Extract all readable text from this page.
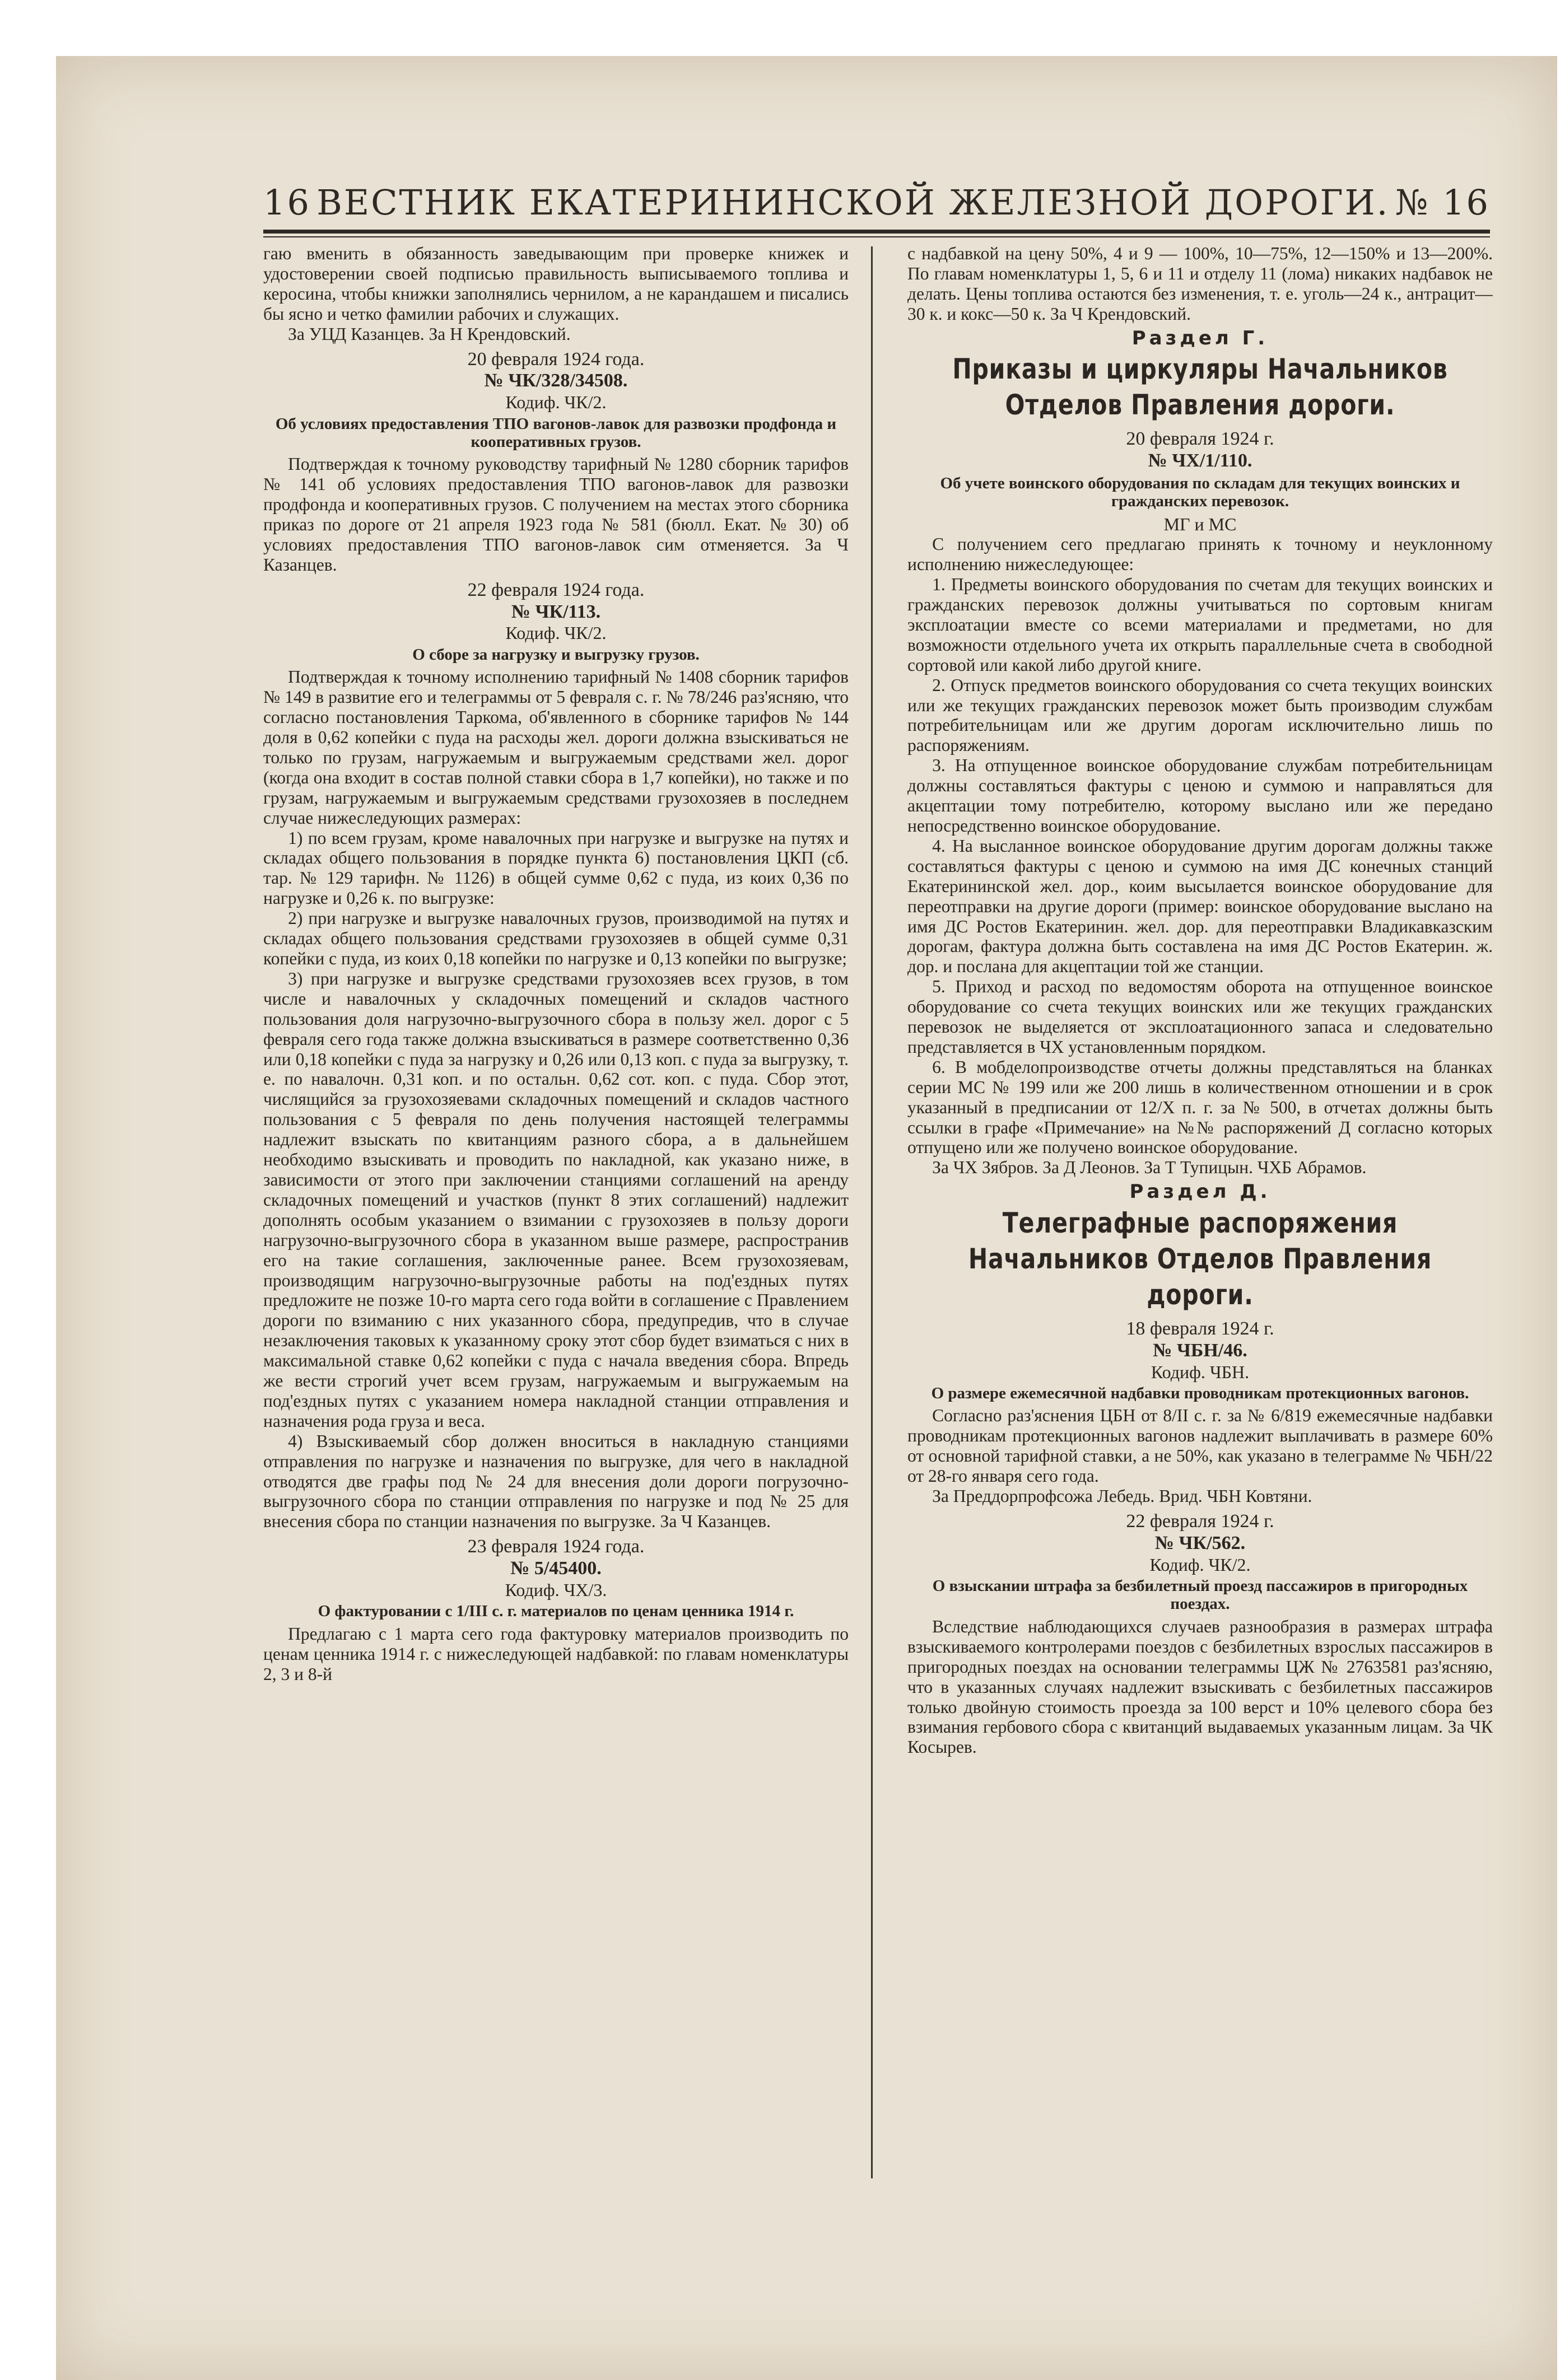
16 ВЕСТНИК ЕКАТЕРИНИНСКОЙ ЖЕЛЕЗНОЙ ДОРОГИ. № 16

гаю вменить в обязанность заведывающим при проверке книжек и удостоверении своей подписью правильность выписываемого топлива и керосина, чтобы книжки заполнялись чернилом, а не карандашем и писались бы ясно и четко фамилии рабочих и служащих.

За УЦД Казанцев. За Н Крендовский.

20 февраля 1924 года.

№ ЧК/328/34508.

Кодиф. ЧК/2.

Об условиях предоставления ТПО вагонов-лавок для развозки продфонда и кооперативных грузов.

Подтверждая к точному руководству тарифный № 1280 сборник тарифов № 141 об условиях предоставления ТПО вагонов-лавок для развозки продфонда и кооперативных грузов. С получением на местах этого сборника приказ по дороге от 21 апреля 1923 года № 581 (бюлл. Екат. № 30) об условиях предоставления ТПО вагонов-лавок сим отменяется. За Ч Казанцев.

22 февраля 1924 года.

№ ЧК/113.

Кодиф. ЧК/2.

О сборе за нагрузку и выгрузку грузов.

Подтверждая к точному исполнению тарифный № 1408 сборник тарифов № 149 в развитие его и телеграммы от 5 февраля с. г. № 78/246 раз'ясняю, что согласно постановления Таркома, об'явленного в сборнике тарифов № 144 доля в 0,62 копейки с пуда на расходы жел. дороги должна взыскиваться не только по грузам, нагружаемым и выгружаемым средствами жел. дорог (когда она входит в состав полной ставки сбора в 1,7 копейки), но также и по грузам, нагружаемым и выгружаемым средствами грузохозяев в последнем случае нижеследующих размерах:

1) по всем грузам, кроме навалочных при нагрузке и выгрузке на путях и складах общего пользования в порядке пункта 6) постановления ЦКП (сб. тар. № 129 тарифн. № 1126) в общей сумме 0,62 с пуда, из коих 0,36 по нагрузке и 0,26 к. по выгрузке:

2) при нагрузке и выгрузке навалочных грузов, производимой на путях и складах общего пользования средствами грузохозяев в общей сумме 0,31 копейки с пуда, из коих 0,18 копейки по нагрузке и 0,13 копейки по выгрузке;

3) при нагрузке и выгрузке средствами грузохозяев всех грузов, в том числе и навалочных у складочных помещений и складов частного пользования доля нагрузочно-выгрузочного сбора в пользу жел. дорог с 5 февраля сего года также должна взыскиваться в размере соответственно 0,36 или 0,18 копейки с пуда за нагрузку и 0,26 или 0,13 коп. с пуда за выгрузку, т. е. по навалочн. 0,31 коп. и по остальн. 0,62 сот. коп. с пуда. Сбор этот, числящийся за грузохозяевами складочных помещений и складов частного пользования с 5 февраля по день получения настоящей телеграммы надлежит взыскать по квитанциям разного сбора, а в дальнейшем необходимо взыскивать и проводить по накладной, как указано ниже, в зависимости от этого при заключении станциями соглашений на аренду складочных помещений и участков (пункт 8 этих соглашений) надлежит дополнять особым указанием о взимании с грузохозяев в пользу дороги нагрузочно-выгрузочного сбора в указанном выше размере, распространив его на такие соглашения, заключенные ранее. Всем грузохозяевам, производящим нагрузочно-выгрузочные работы на под'ездных путях предложите не позже 10-го марта сего года войти в соглашение с Правлением дороги по взиманию с них указанного сбора, предупредив, что в случае незаключения таковых к указанному сроку этот сбор будет взиматься с них в максимальной ставке 0,62 копейки с пуда с начала введения сбора. Впредь же вести строгий учет всем грузам, нагружаемым и выгружаемым на под'ездных путях с указанием номера накладной станции отправления и назначения рода груза и веса.

4) Взыскиваемый сбор должен вноситься в накладную станциями отправления по нагрузке и назначения по выгрузке, для чего в накладной отводятся две графы под № 24 для внесения доли дороги погрузочно-выгрузочного сбора по станции отправления по нагрузке и под № 25 для внесения сбора по станции назначения по выгрузке. За Ч Казанцев.

23 февраля 1924 года.

№ 5/45400.

Кодиф. ЧХ/3.

О фактуровании с 1/III с. г. материалов по ценам ценника 1914 г.

Предлагаю с 1 марта сего года фактуровку материалов производить по ценам ценника 1914 г. с нижеследующей надбавкой: по главам номенклатуры 2, 3 и 8-й

с надбавкой на цену 50%, 4 и 9 — 100%, 10—75%, 12—150% и 13—200%. По главам номенклатуры 1, 5, 6 и 11 и отделу 11 (лома) никаких надбавок не делать. Цены топлива остаются без изменения, т. е. уголь—24 к., антрацит—30 к. и кокс—50 к. За Ч Крендовский.

Раздел Г.
Приказы и циркуляры Начальников Отделов Правления дороги.

20 февраля 1924 г.

№ ЧХ/1/110.

Об учете воинского оборудования по складам для текущих воинских и гражданских перевозок.

МГ и МС

С получением сего предлагаю принять к точному и неуклонному исполнению нижеследующее:

1. Предметы воинского оборудования по счетам для текущих воинских и гражданских перевозок должны учитываться по сортовым книгам эксплоатации вместе со всеми материалами и предметами, но для возможности отдельного учета их открыть параллельные счета в свободной сортовой или какой либо другой книге.

2. Отпуск предметов воинского оборудования со счета текущих воинских или же текущих гражданских перевозок может быть производим службам потребительницам или же другим дорогам исключительно лишь по распоряжениям.

3. На отпущенное воинское оборудование службам потребительницам должны составляться фактуры с ценою и суммою и направляться для акцептации тому потребителю, которому выслано или же передано непосредственно воинское оборудование.

4. На высланное воинское оборудование другим дорогам должны также составляться фактуры с ценою и суммою на имя ДС конечных станций Екатерининской жел. дор., коим высылается воинское оборудование для переотправки на другие дороги (пример: воинское оборудование выслано на имя ДС Ростов Екатеринин. жел. дор. для переотправки Владикавказским дорогам, фактура должна быть составлена на имя ДС Ростов Екатерин. ж. дор. и послана для акцептации той же станции.

5. Приход и расход по ведомостям оборота на отпущенное воинское оборудование со счета текущих воинских или же текущих гражданских перевозок не выделяется от эксплоатационного запаса и следовательно представляется в ЧХ установленным порядком.

6. В мобделопроизводстве отчеты должны представляться на бланках серии МС № 199 или же 200 лишь в количественном отношении и в срок указанный в предписании от 12/Х п. г. за № 500, в отчетах должны быть ссылки в графе «Примечание» на №№ распоряжений Д согласно которых отпущено или же получено воинское оборудование.

За ЧХ Зябров. За Д Леонов. За Т Тупицын. ЧХБ Абрамов.

Раздел Д.
Телеграфные распоряжения Начальников Отделов Правления дороги.

18 февраля 1924 г.

№ ЧБН/46.

Кодиф. ЧБН.

О размере ежемесячной надбавки проводникам протекционных вагонов.

Согласно раз'яснения ЦБН от 8/II с. г. за № 6/819 ежемесячные надбавки проводникам протекционных вагонов надлежит выплачивать в размере 60% от основной тарифной ставки, а не 50%, как указано в телеграмме № ЧБН/22 от 28-го января сего года.

За Преддорпрофсожа Лебедь. Врид. ЧБН Ковтяни.

22 февраля 1924 г.

№ ЧК/562.

Кодиф. ЧК/2.

О взыскании штрафа за безбилетный проезд пассажиров в пригородных поездах.

Вследствие наблюдающихся случаев разнообразия в размерах штрафа взыскиваемого контролерами поездов с безбилетных взрослых пассажиров в пригородных поездах на основании телеграммы ЦЖ № 2763581 раз'ясняю, что в указанных случаях надлежит взыскивать с безбилетных пассажиров только двойную стоимость проезда за 100 верст и 10% целевого сбора без взимания гербового сбора с квитанций выдаваемых указанным лицам. За ЧК Косырев.
